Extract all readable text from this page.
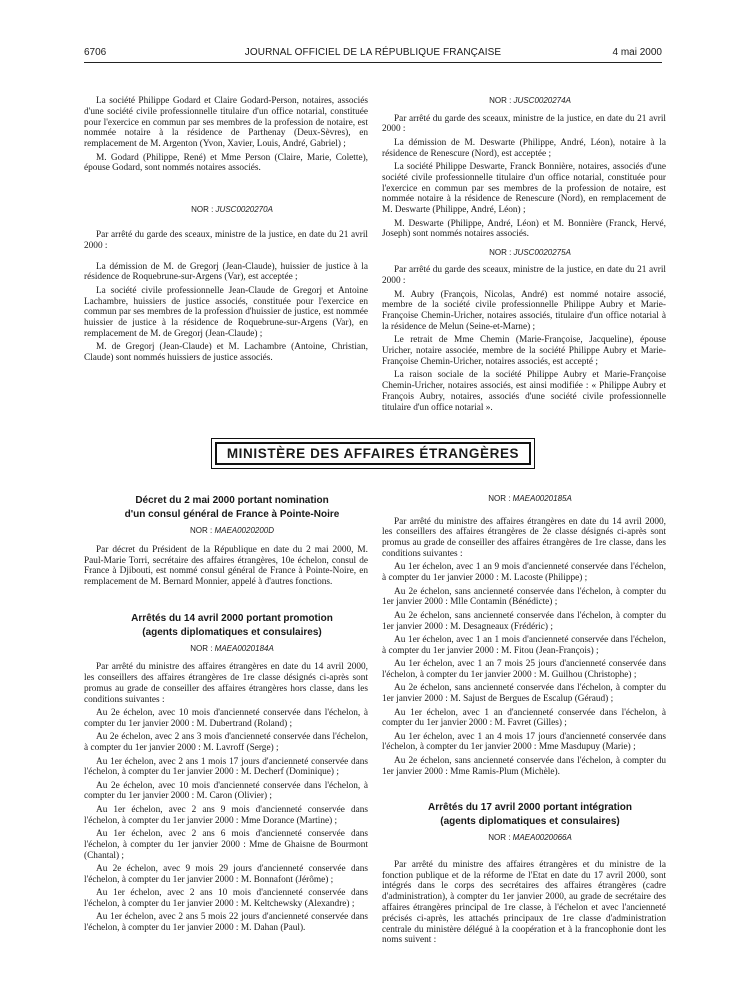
6706	JOURNAL OFFICIEL DE LA RÉPUBLIQUE FRANÇAISE	4 mai 2000

La société Philippe Godard et Claire Godard-Person, notaires, associés d'une société civile professionnelle titulaire d'un office notarial, constituée pour l'exercice en commun par ses membres de la profession de notaire, est nommée notaire à la résidence de Parthenay (Deux-Sèvres), en remplacement de M. Argenton (Yvon, Xavier, Louis, André, Gabriel) ;

M. Godard (Philippe, René) et Mme Person (Claire, Marie, Colette), épouse Godard, sont nommés notaires associés.

NOR : JUSC0020270A

Par arrêté du garde des sceaux, ministre de la justice, en date du 21 avril 2000 :

La démission de M. de Gregorj (Jean-Claude), huissier de justice à la résidence de Roquebrune-sur-Argens (Var), est acceptée ;

La société civile professionnelle Jean-Claude de Gregorj et Antoine Lachambre, huissiers de justice associés, constituée pour l'exercice en commun par ses membres de la profession d'huissier de justice, est nommée huissier de justice à la résidence de Roquebrune-sur-Argens (Var), en remplacement de M. de Gregorj (Jean-Claude) ;

M. de Gregorj (Jean-Claude) et M. Lachambre (Antoine, Christian, Claude) sont nommés huissiers de justice associés.

NOR : JUSC0020274A

Par arrêté du garde des sceaux, ministre de la justice, en date du 21 avril 2000 :

La démission de M. Deswarte (Philippe, André, Léon), notaire à la résidence de Renescure (Nord), est acceptée ;

La société Philippe Deswarte, Franck Bonnière, notaires, associés d'une société civile professionnelle titulaire d'un office notarial, constituée pour l'exercice en commun par ses membres de la profession de notaire, est nommée notaire à la résidence de Renescure (Nord), en remplacement de M. Deswarte (Philippe, André, Léon) ;

M. Deswarte (Philippe, André, Léon) et M. Bonnière (Franck, Hervé, Joseph) sont nommés notaires associés.

NOR : JUSC0020275A

Par arrêté du garde des sceaux, ministre de la justice, en date du 21 avril 2000 :

M. Aubry (François, Nicolas, André) est nommé notaire associé, membre de la société civile professionnelle Philippe Aubry et Marie-Françoise Chemin-Uricher, notaires associés, titulaire d'un office notarial à la résidence de Melun (Seine-et-Marne) ;

Le retrait de Mme Chemin (Marie-Françoise, Jacqueline), épouse Uricher, notaire associée, membre de la société Philippe Aubry et Marie-Françoise Chemin-Uricher, notaires associés, est accepté ;

La raison sociale de la société Philippe Aubry et Marie-Françoise Chemin-Uricher, notaires associés, est ainsi modifiée : « Philippe Aubry et François Aubry, notaires, associés d'une société civile professionnelle titulaire d'un office notarial ».

MINISTÈRE DES AFFAIRES ÉTRANGÈRES

Décret du 2 mai 2000 portant nomination

d'un consul général de France à Pointe-Noire

NOR : MAEA0020200D

Par décret du Président de la République en date du 2 mai 2000, M. Paul-Marie Torri, secrétaire des affaires étrangères, 10e échelon, consul de France à Djibouti, est nommé consul général de France à Pointe-Noire, en remplacement de M. Bernard Monnier, appelé à d'autres fonctions.

Arrêtés du 14 avril 2000 portant promotion

(agents diplomatiques et consulaires)

NOR : MAEA0020184A

Par arrêté du ministre des affaires étrangères en date du 14 avril 2000, les conseillers des affaires étrangères de 1re classe désignés ci-après sont promus au grade de conseiller des affaires étrangères hors classe, dans les conditions suivantes :

Au 2e échelon, avec 10 mois d'ancienneté conservée dans l'échelon, à compter du 1er janvier 2000 : M. Dubertrand (Roland) ;

Au 2e échelon, avec 2 ans 3 mois d'ancienneté conservée dans l'échelon, à compter du 1er janvier 2000 : M. Lavroff (Serge) ;

Au 1er échelon, avec 2 ans 1 mois 17 jours d'ancienneté conservée dans l'échelon, à compter du 1er janvier 2000 : M. Decherf (Dominique) ;

Au 2e échelon, avec 10 mois d'ancienneté conservée dans l'échelon, à compter du 1er janvier 2000 : M. Caron (Olivier) ;

Au 1er échelon, avec 2 ans 9 mois d'ancienneté conservée dans l'échelon, à compter du 1er janvier 2000 : Mme Dorance (Martine) ;

Au 1er échelon, avec 2 ans 6 mois d'ancienneté conservée dans l'échelon, à compter du 1er janvier 2000 : Mme de Ghaisne de Bourmont (Chantal) ;

Au 2e échelon, avec 9 mois 29 jours d'ancienneté conservée dans l'échelon, à compter du 1er janvier 2000 : M. Bonnafont (Jérôme) ;

Au 1er échelon, avec 2 ans 10 mois d'ancienneté conservée dans l'échelon, à compter du 1er janvier 2000 : M. Keltchewsky (Alexandre) ;

Au 1er échelon, avec 2 ans 5 mois 22 jours d'ancienneté conservée dans l'échelon, à compter du 1er janvier 2000 : M. Dahan (Paul).

NOR : MAEA0020185A

Par arrêté du ministre des affaires étrangères en date du 14 avril 2000, les conseillers des affaires étrangères de 2e classe désignés ci-après sont promus au grade de conseiller des affaires étrangères de 1re classe, dans les conditions suivantes :

Au 1er échelon, avec 1 an 9 mois d'ancienneté conservée dans l'échelon, à compter du 1er janvier 2000 : M. Lacoste (Philippe) ;

Au 2e échelon, sans ancienneté conservée dans l'échelon, à compter du 1er janvier 2000 : Mlle Contamin (Bénédicte) ;

Au 2e échelon, sans ancienneté conservée dans l'échelon, à compter du 1er janvier 2000 : M. Desagneaux (Frédéric) ;

Au 1er échelon, avec 1 an 1 mois d'ancienneté conservée dans l'échelon, à compter du 1er janvier 2000 : M. Fitou (Jean-François) ;

Au 1er échelon, avec 1 an 7 mois 25 jours d'ancienneté conservée dans l'échelon, à compter du 1er janvier 2000 : M. Guilhou (Christophe) ;

Au 2e échelon, sans ancienneté conservée dans l'échelon, à compter du 1er janvier 2000 : M. Sajust de Bergues de Escalup (Géraud) ;

Au 1er échelon, avec 1 an d'ancienneté conservée dans l'échelon, à compter du 1er janvier 2000 : M. Favret (Gilles) ;

Au 1er échelon, avec 1 an 4 mois 17 jours d'ancienneté conservée dans l'échelon, à compter du 1er janvier 2000 : Mme Masdupuy (Marie) ;

Au 2e échelon, sans ancienneté conservée dans l'échelon, à compter du 1er janvier 2000 : Mme Ramis-Plum (Michèle).

Arrêtés du 17 avril 2000 portant intégration

(agents diplomatiques et consulaires)

NOR : MAEA0020066A

Par arrêté du ministre des affaires étrangères et du ministre de la fonction publique et de la réforme de l'Etat en date du 17 avril 2000, sont intégrés dans le corps des secrétaires des affaires étrangères (cadre d'administration), à compter du 1er janvier 2000, au grade de secrétaire des affaires étrangères principal de 1re classe, à l'échelon et avec l'ancienneté précisés ci-après, les attachés principaux de 1re classe d'administration centrale du ministère délégué à la coopération et à la francophonie dont les noms suivent :
